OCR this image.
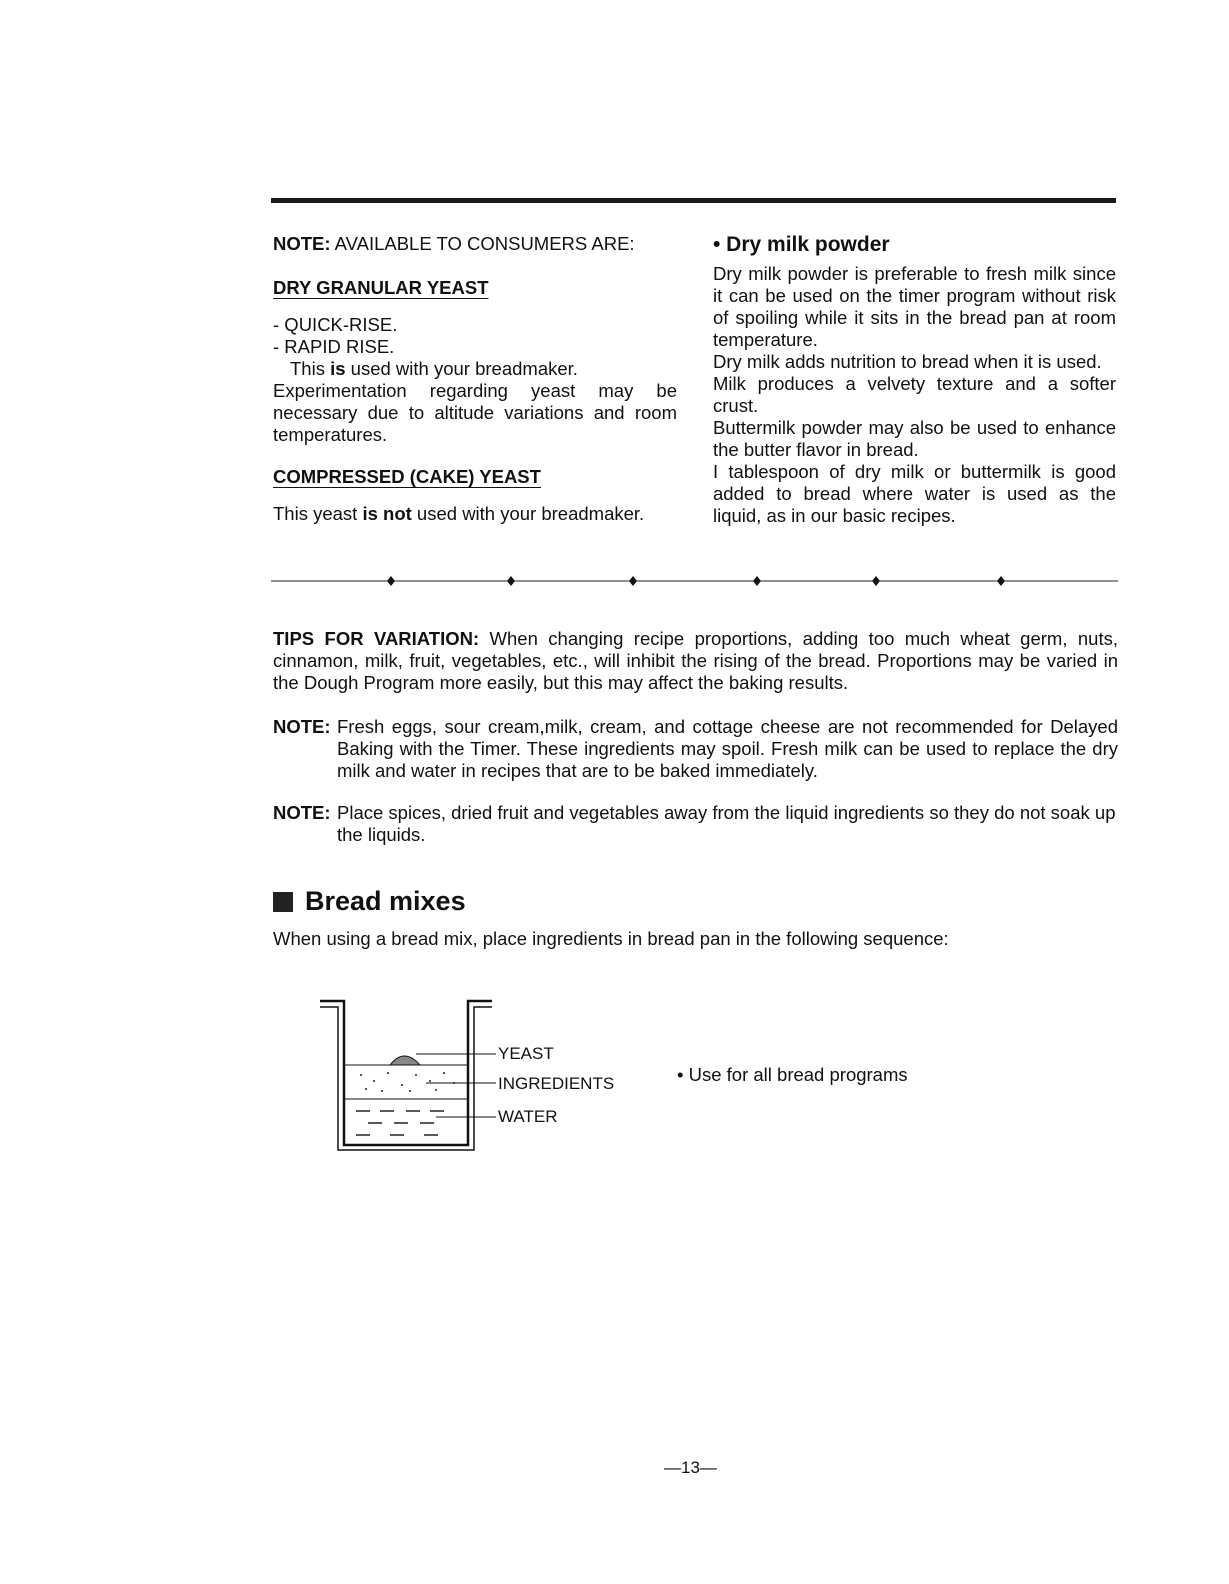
NOTE: AVAILABLE TO CONSUMERS ARE:
DRY GRANULAR YEAST
- QUICK-RISE.
- RAPID RISE.
This is used with your breadmaker.
Experimentation regarding yeast may be necessary due to altitude variations and room temperatures.
COMPRESSED (CAKE) YEAST
This yeast is not used with your breadmaker.
• Dry milk powder
Dry milk powder is preferable to fresh milk since it can be used on the timer program without risk of spoiling while it sits in the bread pan at room temperature.
Dry milk adds nutrition to bread when it is used.
Milk produces a velvety texture and a softer crust.
Buttermilk powder may also be used to enhance the butter flavor in bread.
I tablespoon of dry milk or buttermilk is good added to bread where water is used as the liquid, as in our basic recipes.
TIPS FOR VARIATION: When changing recipe proportions, adding too much wheat germ, nuts, cinnamon, milk, fruit, vegetables, etc., will inhibit the rising of the bread. Proportions may be varied in the Dough Program more easily, but this may affect the baking results.
NOTE: Fresh eggs, sour cream,milk, cream, and cottage cheese are not recommended for Delayed Baking with the Timer. These ingredients may spoil. Fresh milk can be used to replace the dry milk and water in recipes that are to be baked immediately.
NOTE: Place spices, dried fruit and vegetables away from the liquid ingredients so they do not soak up the liquids.
Bread mixes
When using a bread mix, place ingredients in bread pan in the following sequence:
YEAST
INGREDIENTS
WATER
• Use for all bread programs
—13—
